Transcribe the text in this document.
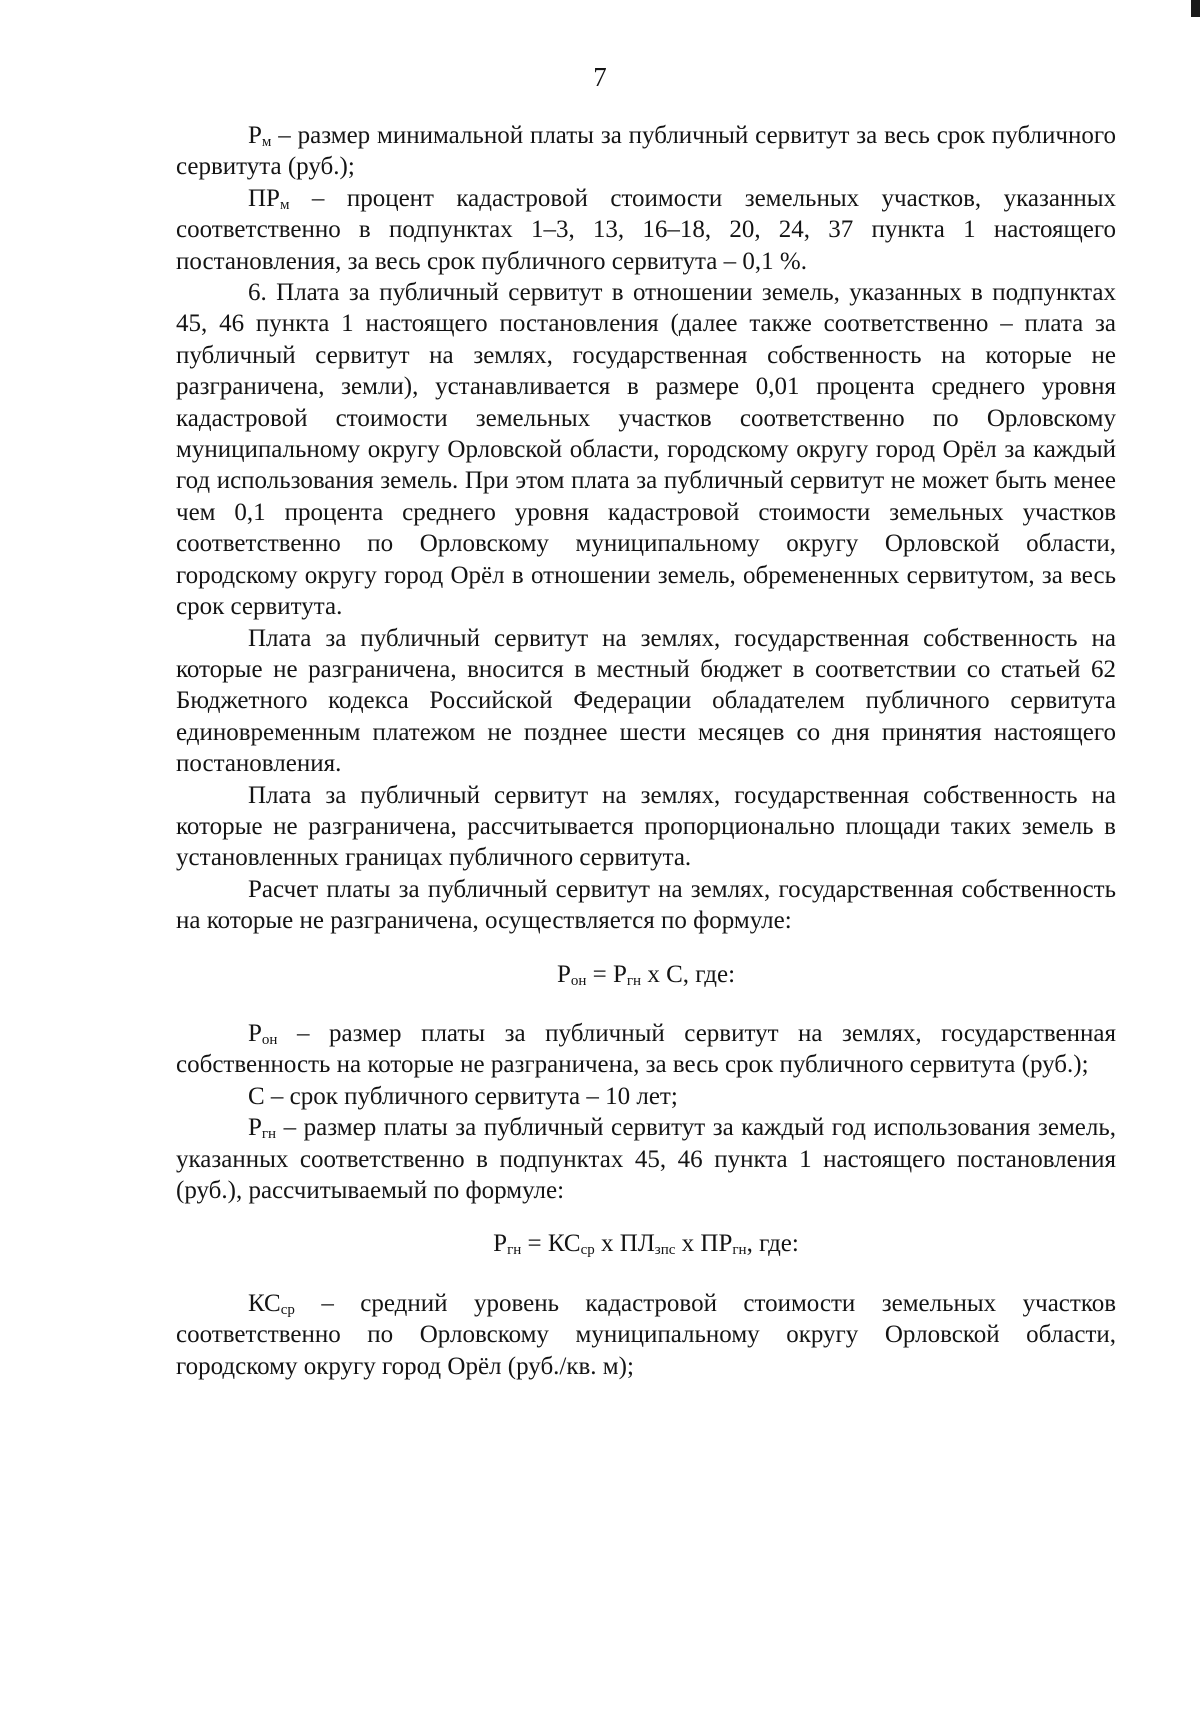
7

$Р_м$ – размер минимальной платы за публичный сервитут за весь срок публичного сервитута (руб.);

$ПР_м$ – процент кадастровой стоимости земельных участков, указанных соответственно в подпунктах 1–3, 13, 16–18, 20, 24, 37 пункта 1 настоящего постановления, за весь срок публичного сервитута – 0,1 %.

6. Плата за публичный сервитут в отношении земель, указанных в подпунктах 45, 46 пункта 1 настоящего постановления (далее также соответственно – плата за публичный сервитут на землях, государственная собственность на которые не разграничена, земли), устанавливается в размере 0,01 процента среднего уровня кадастровой стоимости земельных участков соответственно по Орловскому муниципальному округу Орловской области, городскому округу город Орёл за каждый год использования земель. При этом плата за публичный сервитут не может быть менее чем 0,1 процента среднего уровня кадастровой стоимости земельных участков соответственно по Орловскому муниципальному округу Орловской области, городскому округу город Орёл в отношении земель, обремененных сервитутом, за весь срок сервитута.

Плата за публичный сервитут на землях, государственная собственность на которые не разграничена, вносится в местный бюджет в соответствии со статьей 62 Бюджетного кодекса Российской Федерации обладателем публичного сервитута единовременным платежом не позднее шести месяцев со дня принятия настоящего постановления.

Плата за публичный сервитут на землях, государственная собственность на которые не разграничена, рассчитывается пропорционально площади таких земель в установленных границах публичного сервитута.

Расчет платы за публичный сервитут на землях, государственная собственность на которые не разграничена, осуществляется по формуле:

$Р_{он} = Р_{гн}$ х С, где:

$Р_{он}$ – размер платы за публичный сервитут на землях, государственная собственность на которые не разграничена, за весь срок публичного сервитута (руб.);

С – срок публичного сервитута – 10 лет;

$Р_{гн}$ – размер платы за публичный сервитут за каждый год использования земель, указанных соответственно в подпунктах 45, 46 пункта 1 настоящего постановления (руб.), рассчитываемый по формуле:

$Р_{гн} = КС_{ср}$ х $ПЛ_{зпс}$ х $ПР_{гн}$, где:

$КС_{ср}$ – средний уровень кадастровой стоимости земельных участков соответственно по Орловскому муниципальному округу Орловской области, городскому округу город Орёл (руб./кв. м);
